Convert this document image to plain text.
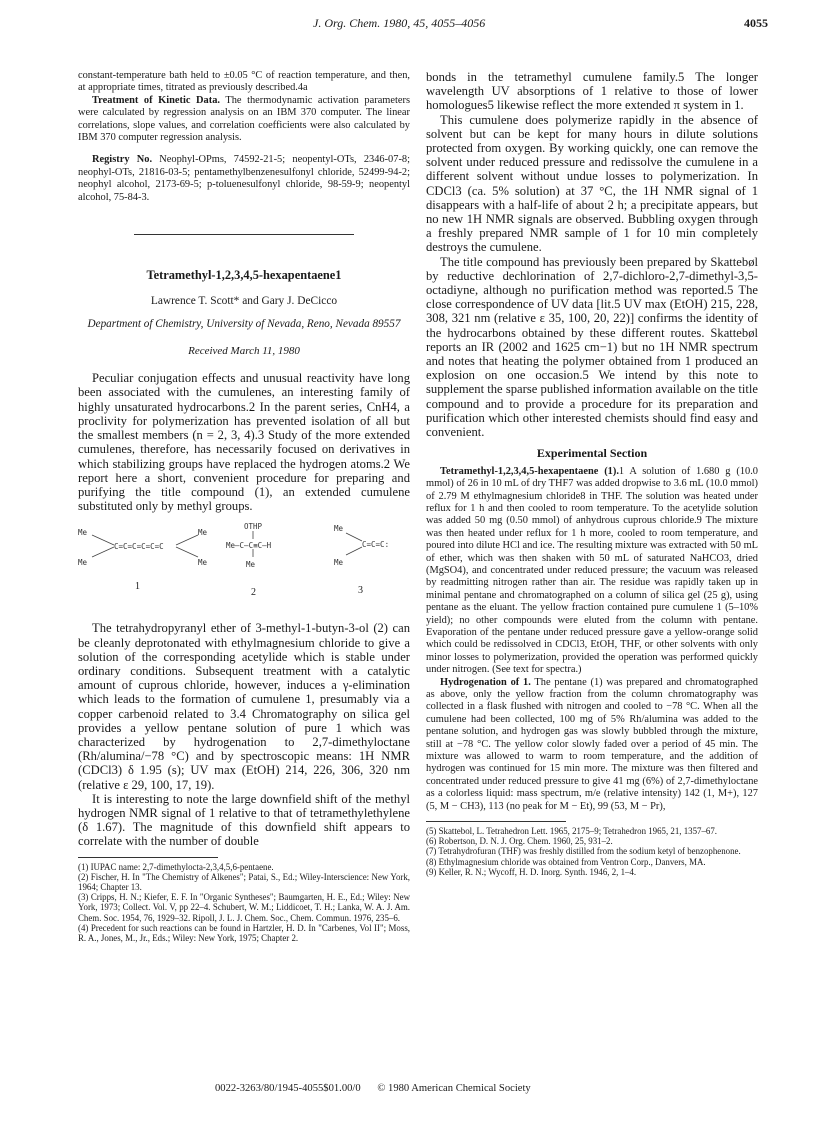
J. Org. Chem. 1980, 45, 4055–4056	4055

constant-temperature bath held to ±0.05 °C of reaction temperature, and then, at appropriate times, titrated as previously described.4a

Treatment of Kinetic Data. The thermodynamic activation parameters were calculated by regression analysis on an IBM 370 computer. The linear correlations, slope values, and correlation coefficients were also calculated by IBM 370 computer regression analysis.

Registry No. Neophyl-OPms, 74592-21-5; neopentyl-OTs, 2346-07-8; neophyl-OTs, 21816-03-5; pentamethylbenzenesulfonyl chloride, 52499-94-2; neophyl alcohol, 2173-69-5; p-toluenesulfonyl chloride, 98-59-9; neopentyl alcohol, 75-84-3.

Tetramethyl-1,2,3,4,5-hexapentaene1
Lawrence T. Scott* and Gary J. DeCicco
Department of Chemistry, University of Nevada, Reno, Nevada 89557
Received March 11, 1980

Peculiar conjugation effects and unusual reactivity have long been associated with the cumulenes, an interesting family of highly unsaturated hydrocarbons.2 In the parent series, CnH4, a proclivity for polymerization has prevented isolation of all but the smallest members (n = 2, 3, 4).3 Study of the more extended cumulenes, therefore, has necessarily focused on derivatives in which stabilizing groups have replaced the hydrogen atoms.2 We report here a short, convenient procedure for preparing and purifying the title compound (1), an extended cumulene substituted only by methyl groups.

Me
Me
C=C=C=C=C=C
Me
Me
1
OTHP
Me—C—C≡C—H
Me
2
Me
Me
C=C=C:
3

The tetrahydropyranyl ether of 3-methyl-1-butyn-3-ol (2) can be cleanly deprotonated with ethylmagnesium chloride to give a solution of the corresponding acetylide which is stable under ordinary conditions. Subsequent treatment with a catalytic amount of cuprous chloride, however, induces a γ-elimination which leads to the formation of cumulene 1, presumably via a copper carbenoid related to 3.4 Chromatography on silica gel provides a yellow pentane solution of pure 1 which was characterized by hydrogenation to 2,7-dimethyloctane (Rh/alumina/−78 °C) and by spectroscopic means: 1H NMR (CDCl3) δ 1.95 (s); UV max (EtOH) 214, 226, 306, 320 nm (relative ε 29, 100, 17, 19).

It is interesting to note the large downfield shift of the methyl hydrogen NMR signal of 1 relative to that of tetramethylethylene (δ 1.67). The magnitude of this downfield shift appears to correlate with the number of double

(1) IUPAC name: 2,7-dimethylocta-2,3,4,5,6-pentaene.

(2) Fischer, H. In "The Chemistry of Alkenes"; Patai, S., Ed.; Wiley-Interscience: New York, 1964; Chapter 13.

(3) Cripps, H. N.; Kiefer, E. F. In "Organic Syntheses"; Baumgarten, H. E., Ed.; Wiley: New York, 1973; Collect. Vol. V, pp 22–4. Schubert, W. M.; Liddicoet, T. H.; Lanka, W. A. J. Am. Chem. Soc. 1954, 76, 1929–32. Ripoll, J. L. J. Chem. Soc., Chem. Commun. 1976, 235–6.

(4) Precedent for such reactions can be found in Hartzler, H. D. In "Carbenes, Vol II"; Moss, R. A., Jones, M., Jr., Eds.; Wiley: New York, 1975; Chapter 2.

bonds in the tetramethyl cumulene family.5 The longer wavelength UV absorptions of 1 relative to those of lower homologues5 likewise reflect the more extended π system in 1.

This cumulene does polymerize rapidly in the absence of solvent but can be kept for many hours in dilute solutions protected from oxygen. By working quickly, one can remove the solvent under reduced pressure and redissolve the cumulene in a different solvent without undue losses to polymerization. In CDCl3 (ca. 5% solution) at 37 °C, the 1H NMR signal of 1 disappears with a half-life of about 2 h; a precipitate appears, but no new 1H NMR signals are observed. Bubbling oxygen through a freshly prepared NMR sample of 1 for 10 min completely destroys the cumulene.

The title compound has previously been prepared by Skattebøl by reductive dechlorination of 2,7-dichloro-2,7-dimethyl-3,5-octadiyne, although no purification method was reported.5 The close correspondence of UV data [lit.5 UV max (EtOH) 215, 228, 308, 321 nm (relative ε 35, 100, 20, 22)] confirms the identity of the hydrocarbons obtained by these different routes. Skattebøl reports an IR (2002 and 1625 cm−1) but no 1H NMR spectrum and notes that heating the polymer obtained from 1 produced an explosion on one occasion.5 We intend by this note to supplement the sparse published information available on the title compound and to provide a procedure for its preparation and purification which other interested chemists should find easy and convenient.

Experimental Section

Tetramethyl-1,2,3,4,5-hexapentaene (1).1 A solution of 1.680 g (10.0 mmol) of 26 in 10 mL of dry THF7 was added dropwise to 3.6 mL (10.0 mmol) of 2.79 M ethylmagnesium chloride8 in THF. The solution was heated under reflux for 1 h and then cooled to room temperature. To the acetylide solution was added 50 mg (0.50 mmol) of anhydrous cuprous chloride.9 The mixture was then heated under reflux for 1 h more, cooled to room temperature, and poured into dilute HCl and ice. The resulting mixture was extracted with 50 mL of ether, which was then shaken with 50 mL of saturated NaHCO3, dried (MgSO4), and concentrated under reduced pressure; the vacuum was released by readmitting nitrogen rather than air. The residue was rapidly taken up in minimal pentane and chromatographed on a column of silica gel (25 g), using pentane as the eluant. The yellow fraction contained pure cumulene 1 (5–10% yield); no other compounds were eluted from the column with pentane. Evaporation of the pentane under reduced pressure gave a yellow-orange solid which could be redissolved in CDCl3, EtOH, THF, or other solvents with only minor losses to polymerization, provided the operation was performed quickly under nitrogen. (See text for spectra.)

Hydrogenation of 1. The pentane (1) was prepared and chromatographed as above, only the yellow fraction from the column chromatography was collected in a flask flushed with nitrogen and cooled to −78 °C. When all the cumulene had been collected, 100 mg of 5% Rh/alumina was added to the pentane solution, and hydrogen gas was slowly bubbled through the mixture, still at −78 °C. The yellow color slowly faded over a period of 45 min. The mixture was allowed to warm to room temperature, and the addition of hydrogen was continued for 15 min more. The mixture was then filtered and concentrated under reduced pressure to give 41 mg (6%) of 2,7-dimethyloctane as a colorless liquid: mass spectrum, m/e (relative intensity) 142 (1, M+), 127 (5, M − CH3), 113 (no peak for M − Et), 99 (53, M − Pr),

(5) Skattebol, L. Tetrahedron Lett. 1965, 2175–9; Tetrahedron 1965, 21, 1357–67.

(6) Robertson, D. N. J. Org. Chem. 1960, 25, 931–2.

(7) Tetrahydrofuran (THF) was freshly distilled from the sodium ketyl of benzophenone.

(8) Ethylmagnesium chloride was obtained from Ventron Corp., Danvers, MA.

(9) Keller, R. N.; Wycoff, H. D. Inorg. Synth. 1946, 2, 1–4.

0022-3263/80/1945-4055$01.00/0 © 1980 American Chemical Society
